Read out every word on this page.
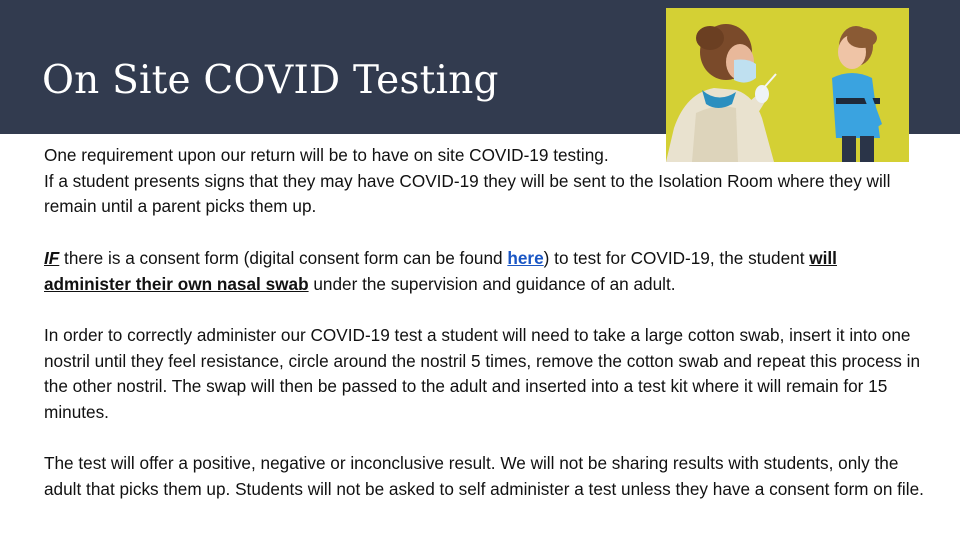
On Site COVID Testing

One requirement upon our return will be to have on site COVID-19 testing.
If a student presents signs that they may have COVID-19 they will be sent to the Isolation Room where they will remain until a parent picks them up.

IF there is a consent form (digital consent form can be found here) to test for COVID-19, the student will administer their own nasal swab under the supervision and guidance of an adult.

In order to correctly administer our COVID-19 test a student will need to take a large cotton swab, insert it into one nostril until they feel resistance, circle around the nostril 5 times, remove the cotton swab and repeat this process in the other nostril. The swap will then be passed to the adult and inserted into a test kit where it will remain for 15 minutes.

The test will offer a positive, negative or inconclusive result. We will not be sharing results with students, only the adult that picks them up. Students will not be asked to self administer a test unless they have a consent form on file.
